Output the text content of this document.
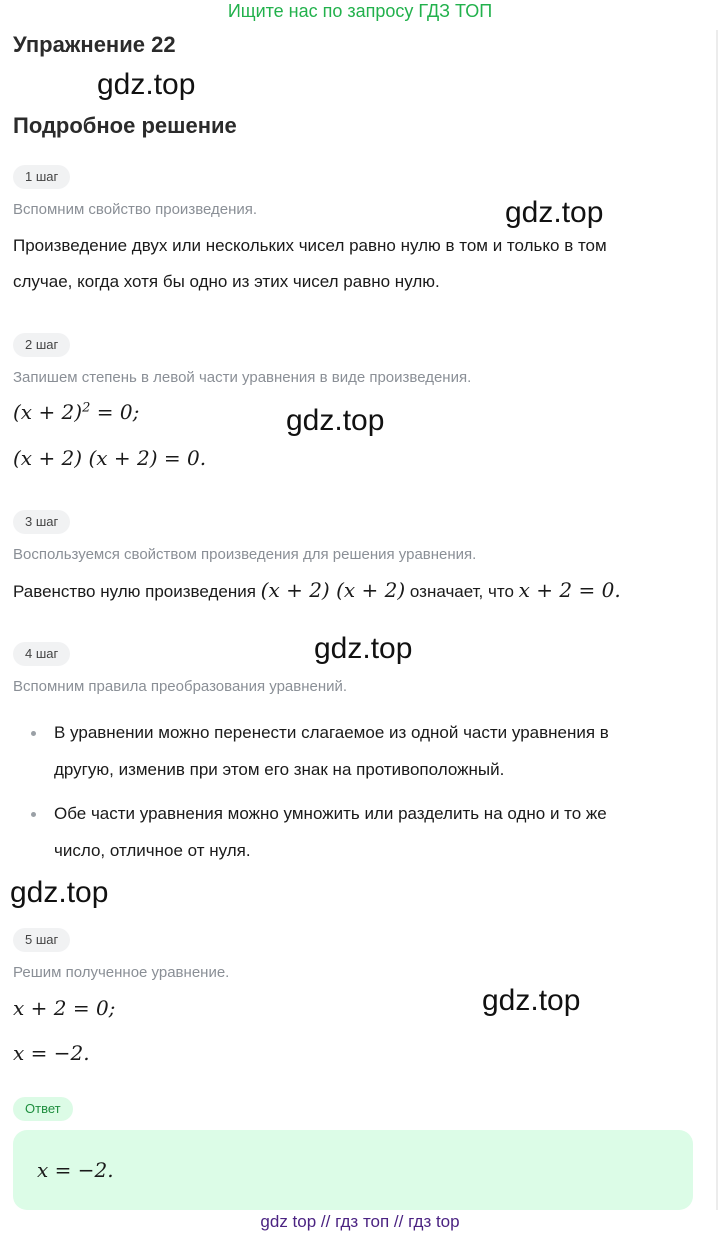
Ищите нас по запросу ГДЗ ТОП
Упражнение 22
gdz.top
Подробное решение
1 шаг
Вспомним свойство произведения.	gdz.top
Произведение двух или нескольких чисел равно нулю в том и только в том
случае, когда хотя бы одно из этих чисел равно нулю.
2 шаг
Запишем степень в левой части уравнения в виде произведения.
$(x + 2)^2 = 0$;	gdz.top
(x + 2) (x + 2) = 0.
3 шаг
Воспользуемся свойством произведения для решения уравнения.
Равенство нулю произведения (x + 2) (x + 2) означает, что x + 2 = 0.
gdz.top
4 шаг
Вспомним правила преобразования уравнений.
В уравнении можно перенести слагаемое из одной части уравнения в
другую, изменив при этом его знак на противоположный.
Обе части уравнения можно умножить или разделить на одно и то же
число, отличное от нуля.
gdz.top
5 шаг
Решим полученное уравнение.
x + 2 = 0;	gdz.top
x = −2.
Ответ
x = −2.
gdz top // гдз топ // гдз top
